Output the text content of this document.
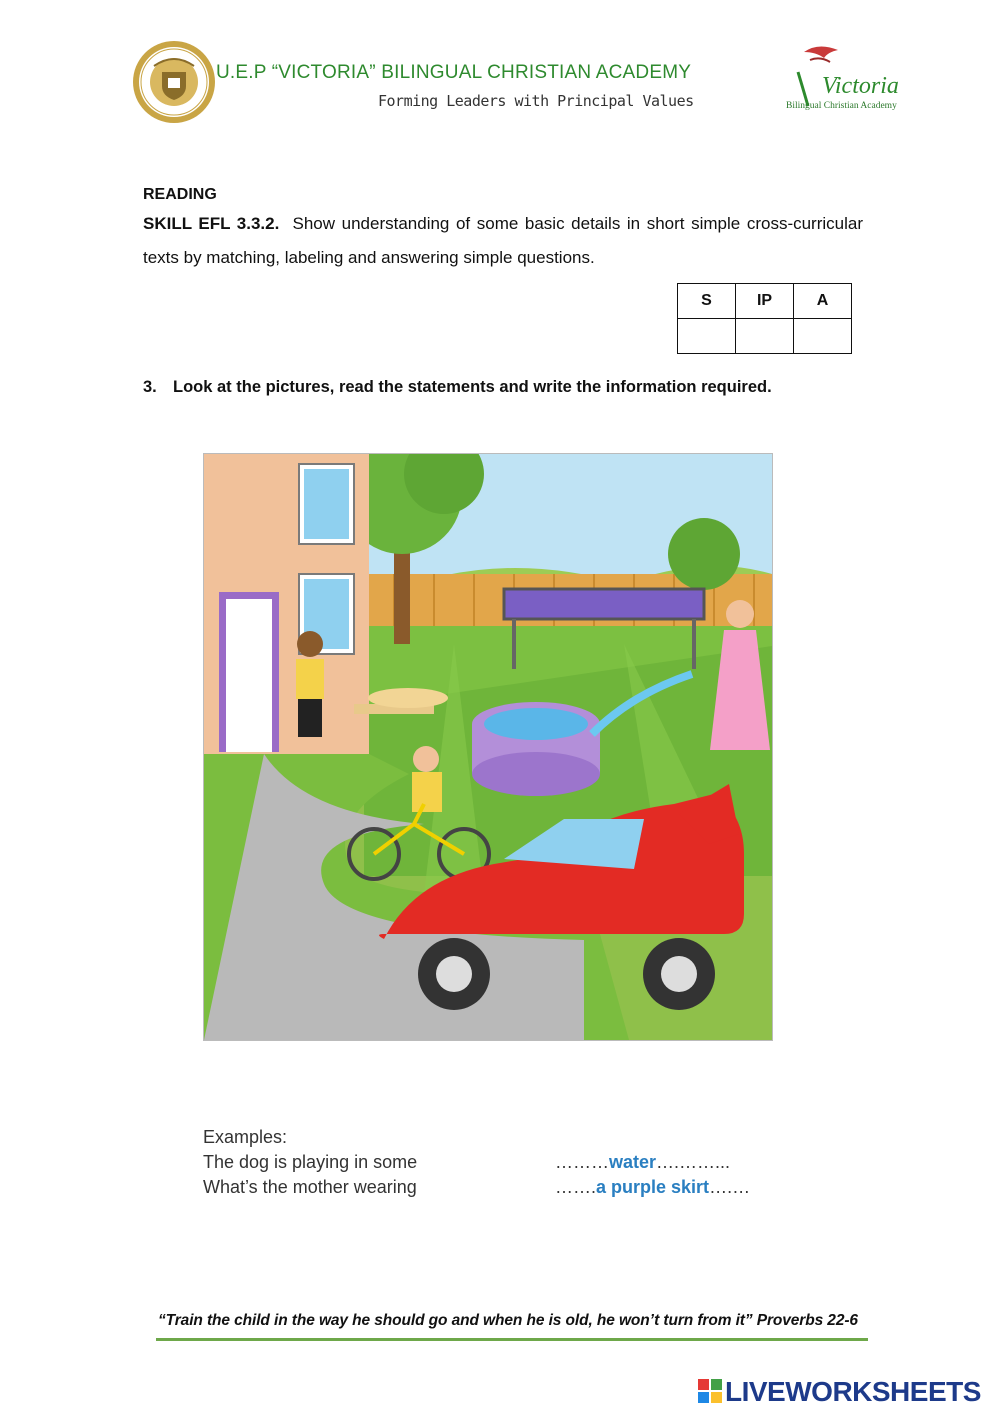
U.E.P “VICTORIA” BILINGUAL CHRISTIAN ACADEMY
Forming Leaders with Principal Values
Victoria
Bilingual Christian Academy
READING
SKILL EFL 3.3.2. Show understanding of some basic details in short simple cross-curricular texts by matching, labeling and answering simple questions.
S	IP	A

3. Look at the pictures, read the statements and write the information required.
Examples:
The dog is playing in some	………water….……...
What’s the mother wearing	…….a purple skirt….…
“Train the child in the way he should go and when he is old, he won’t turn from it” Proverbs 22-6
LIVEWORKSHEETS
